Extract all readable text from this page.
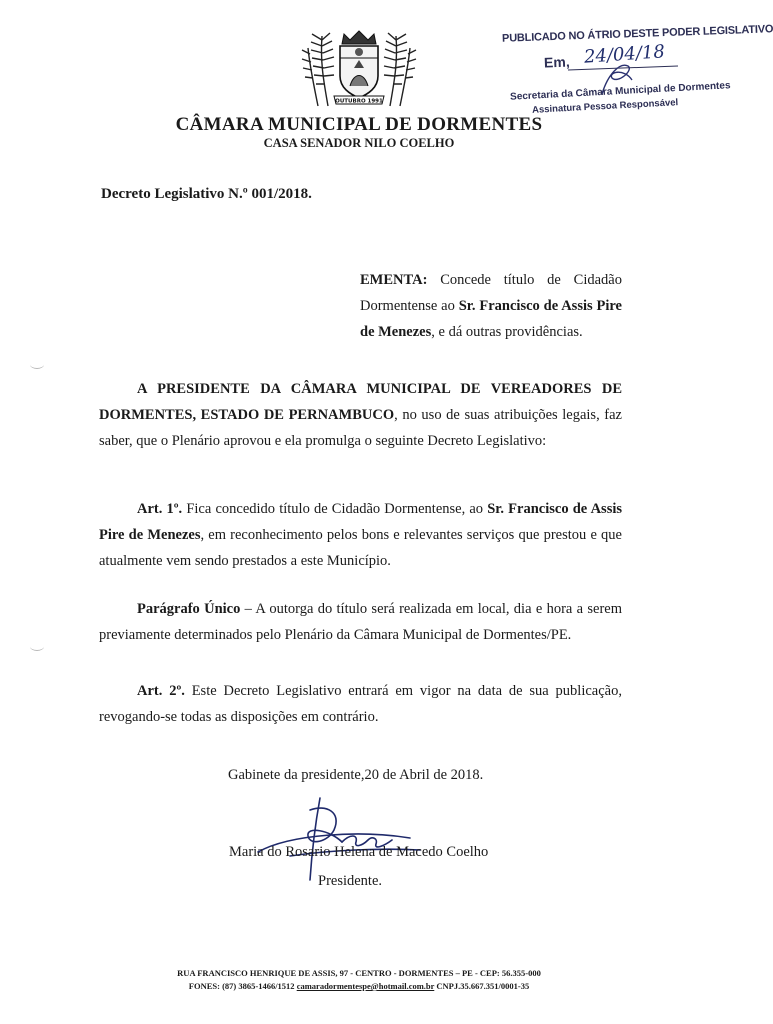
OUTUBRO 1991
PUBLICADO NO ÁTRIO DESTE PODER LEGISLATIVO
Em, 24/04/18
Secretaria da Câmara Municipal de Dormentes
Assinatura Pessoa Responsável
CÂMARA MUNICIPAL DE DORMENTES
CASA SENADOR NILO COELHO
Decreto Legislativo N.º 001/2018.
EMENTA: Concede título de Cidadão Dormentense ao Sr. Francisco de Assis Pire de Menezes, e dá outras providências.
A PRESIDENTE DA CÂMARA MUNICIPAL DE VEREADORES DE DORMENTES, ESTADO DE PERNAMBUCO, no uso de suas atribuições legais, faz saber, que o Plenário aprovou e ela promulga o seguinte Decreto Legislativo:
Art. 1º. Fica concedido título de Cidadão Dormentense, ao Sr. Francisco de Assis Pire de Menezes, em reconhecimento pelos bons e relevantes serviços que prestou e que atualmente vem sendo prestados a este Município.
Parágrafo Único – A outorga do título será realizada em local, dia e hora a serem previamente determinados pelo Plenário da Câmara Municipal de Dormentes/PE.
Art. 2º. Este Decreto Legislativo entrará em vigor na data de sua publicação, revogando-se todas as disposições em contrário.
Gabinete da presidente,20 de Abril de 2018.
Maria do Rosario Helena de Macedo Coelho
Presidente.
RUA FRANCISCO HENRIQUE DE ASSIS, 97 - CENTRO - DORMENTES – PE - CEP: 56.355-000
FONES: (87) 3865-1466/1512 camaradormentespe@hotmail.com.br CNPJ.35.667.351/0001-35
